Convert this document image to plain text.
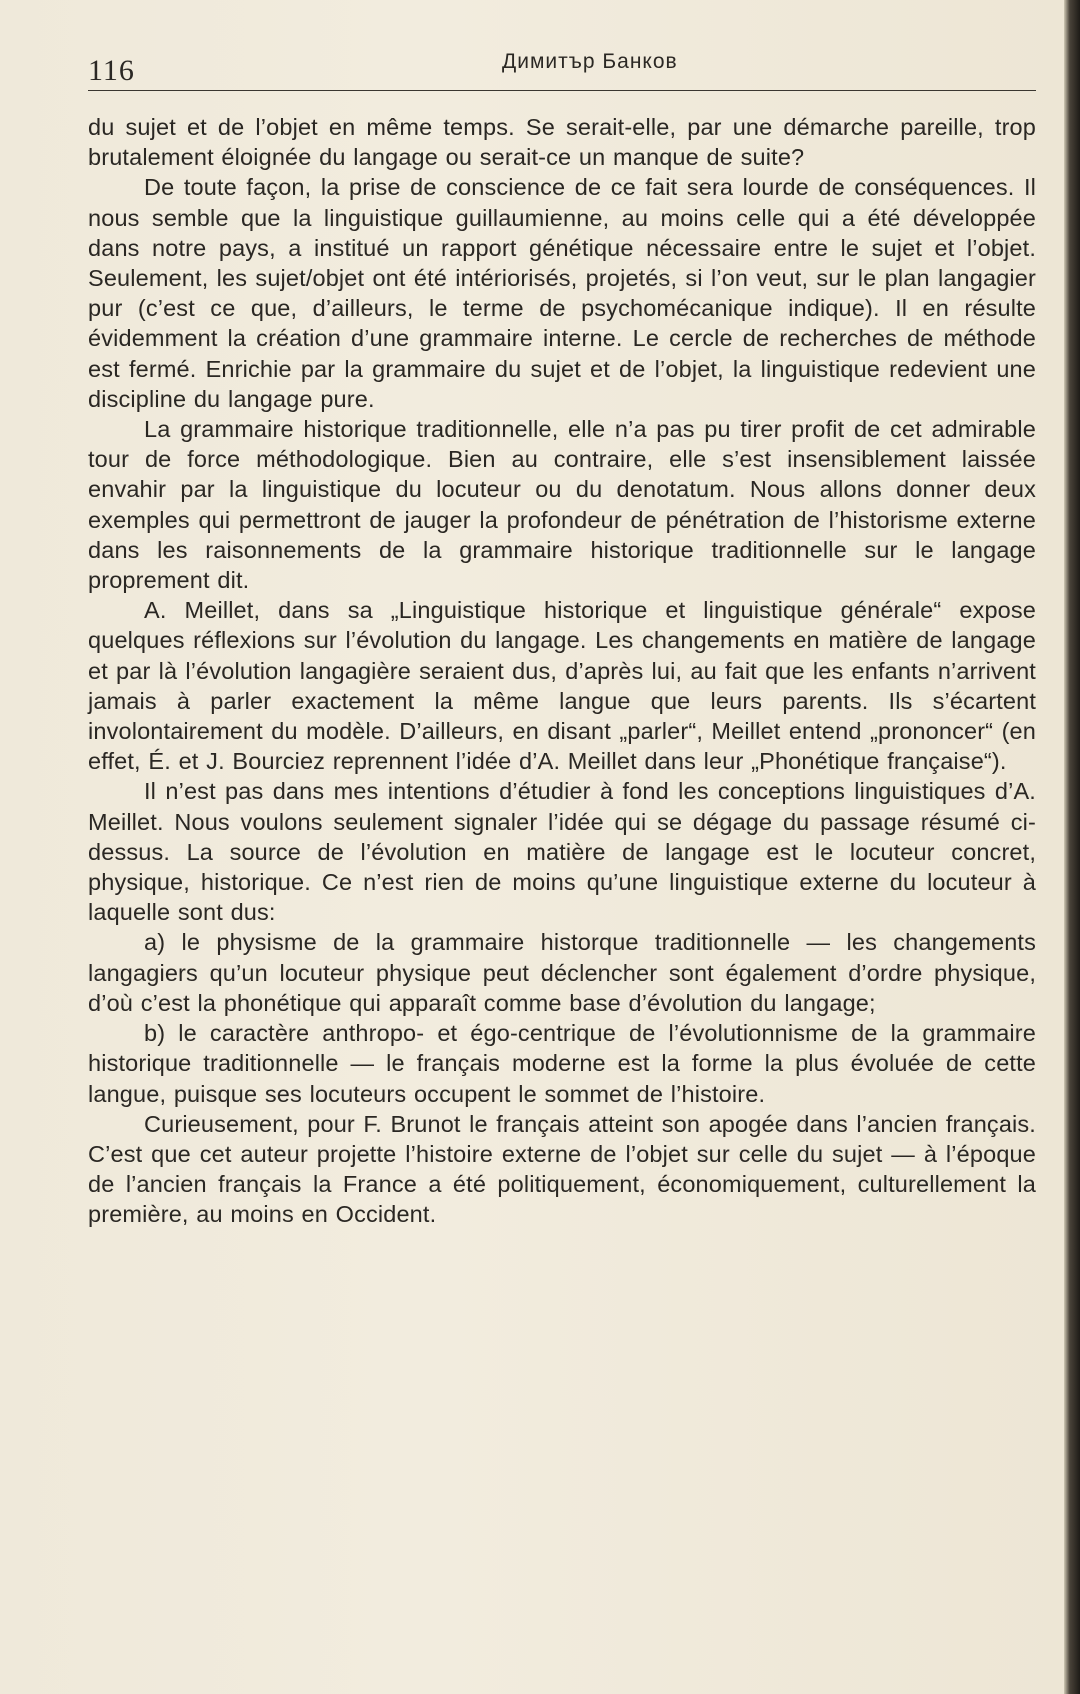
116	Димитър Банков

du sujet et de l’objet en même temps. Se serait-elle, par une démarche pareille, trop brutalement éloignée du langage ou serait-ce un manque de suite?

De toute façon, la prise de conscience de ce fait sera lourde de conséquences. Il nous semble que la linguistique guillaumienne, au moins celle qui a été développée dans notre pays, a institué un rapport génétique nécessaire entre le sujet et l’objet. Seulement, les sujet/objet ont été intériorisés, projetés, si l’on veut, sur le plan langagier pur (c’est ce que, d’ailleurs, le terme de psychomécanique indique). Il en résulte évidemment la création d’une grammaire interne. Le cercle de recherches de méthode est fermé. Enrichie par la grammaire du sujet et de l’objet, la linguistique redevient une discipline du langage pure.

La grammaire historique traditionnelle, elle n’a pas pu tirer profit de cet admirable tour de force méthodologique. Bien au contraire, elle s’est insensiblement laissée envahir par la linguistique du locuteur ou du denotatum. Nous allons donner deux exemples qui permettront de jauger la profondeur de pénétration de l’historisme externe dans les raisonnements de la grammaire historique traditionnelle sur le langage proprement dit.

A. Meillet, dans sa „Linguistique historique et linguistique générale“ expose quelques réflexions sur l’évolution du langage. Les changements en matière de langage et par là l’évolution langagière seraient dus, d’après lui, au fait que les enfants n’arrivent jamais à parler exactement la même langue que leurs parents. Ils s’écartent involontairement du modèle. D’ailleurs, en disant „parler“, Meillet entend „prononcer“ (en effet, É. et J. Bourciez reprennent l’idée d’A. Meillet dans leur „Phonétique française“).

Il n’est pas dans mes intentions d’étudier à fond les conceptions linguistiques d’A. Meillet. Nous voulons seulement signaler l’idée qui se dégage du passage résumé ci-dessus. La source de l’évolution en matière de langage est le locuteur concret, physique, historique. Ce n’est rien de moins qu’une linguistique externe du locuteur à laquelle sont dus:

a) le physisme de la grammaire historque traditionnelle — les changements langagiers qu’un locuteur physique peut déclencher sont également d’ordre physique, d’où c’est la phonétique qui apparaît comme base d’évolution du langage;

b) le caractère anthropo- et égo-centrique de l’évolutionnisme de la grammaire historique traditionnelle — le français moderne est la forme la plus évoluée de cette langue, puisque ses locuteurs occupent le sommet de l’histoire.

Curieusement, pour F. Brunot le français atteint son apogée dans l’ancien français. C’est que cet auteur projette l’histoire externe de l’objet sur celle du sujet — à l’époque de l’ancien français la France a été politiquement, économiquement, culturellement la première, au moins en Occident.
